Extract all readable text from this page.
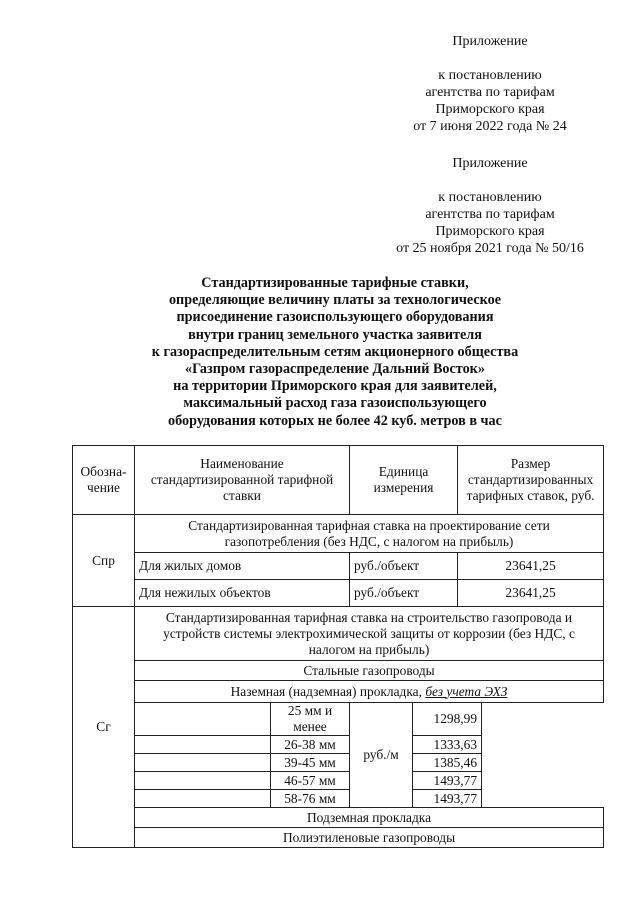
Приложение
к постановлению
агентства по тарифам
Приморского края
от 7 июня 2022 года № 24
Приложение
к постановлению
агентства по тарифам
Приморского края
от 25 ноября 2021 года № 50/16
Стандартизированные тарифные ставки,
определяющие величину платы за технологическое
присоединение газоиспользующего оборудования
внутри границ земельного участка заявителя
к газораспределительным сетям акционерного общества
«Газпром газораспределение Дальний Восток»
на территории Приморского края для заявителей,
максимальный расход газа газоиспользующего
оборудования которых не более 42 куб. метров в час
Обозна-чение	Наименование стандартизированной тарифной ставки		Единица измерения		Размер стандартизированных тарифных ставок, руб.
Спр	Стандартизированная тарифная ставка на проектирование сети газопотребления (без НДС, с налогом на прибыль)				
	Для жилых домов		руб./объект		23641,25
	Для нежилых объектов		руб./объект		23641,25
Сг	Стандартизированная тарифная ставка на строительство газопровода и устройств системы электрохимической защиты от коррозии (без НДС, с налогом на прибыль)				
	Стальные газопроводы				
	Наземная (надземная) прокладка, без учета ЭХЗ				
		25 мм и менее	руб./м	1298,99	
		26-38 мм		1333,63	
		39-45 мм		1385,46	
		46-57 мм		1493,77	
		58-76 мм		1493,77	
	Подземная прокладка				
	Полиэтиленовые газопроводы				
